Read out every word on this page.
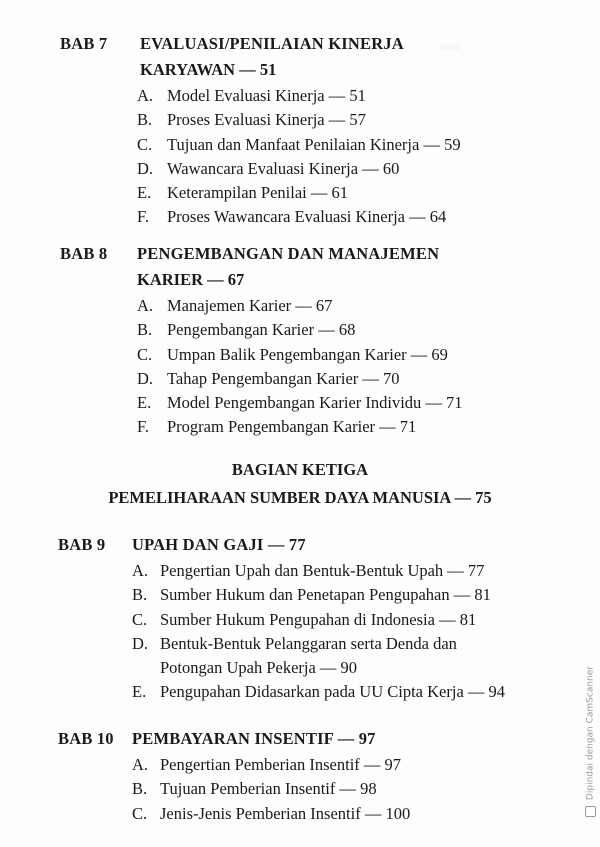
ⁱⁿᵈᵉˣ
BAB 7 EVALUASI/PENILAIAN KINERJA
KARYAWAN — 51
A. Model Evaluasi Kinerja — 51
B. Proses Evaluasi Kinerja — 57
C. Tujuan dan Manfaat Penilaian Kinerja — 59
D. Wawancara Evaluasi Kinerja — 60
E. Keterampilan Penilai — 61
F. Proses Wawancara Evaluasi Kinerja — 64
BAB 8 PENGEMBANGAN DAN MANAJEMEN
KARIER — 67
A. Manajemen Karier — 67
B. Pengembangan Karier — 68
C. Umpan Balik Pengembangan Karier — 69
D. Tahap Pengembangan Karier — 70
E. Model Pengembangan Karier Individu — 71
F. Program Pengembangan Karier — 71
BAGIAN KETIGA
PEMELIHARAAN SUMBER DAYA MANUSIA — 75
BAB 9 UPAH DAN GAJI — 77
A. Pengertian Upah dan Bentuk-Bentuk Upah — 77
B. Sumber Hukum dan Penetapan Pengupahan — 81
C. Sumber Hukum Pengupahan di Indonesia — 81
D. Bentuk-Bentuk Pelanggaran serta Denda dan
Potongan Upah Pekerja — 90
E. Pengupahan Didasarkan pada UU Cipta Kerja — 94
BAB 10 PEMBAYARAN INSENTIF — 97
A. Pengertian Pemberian Insentif — 97
B. Tujuan Pemberian Insentif — 98
C. Jenis-Jenis Pemberian Insentif — 100
Dipindai dengan CamScanner
